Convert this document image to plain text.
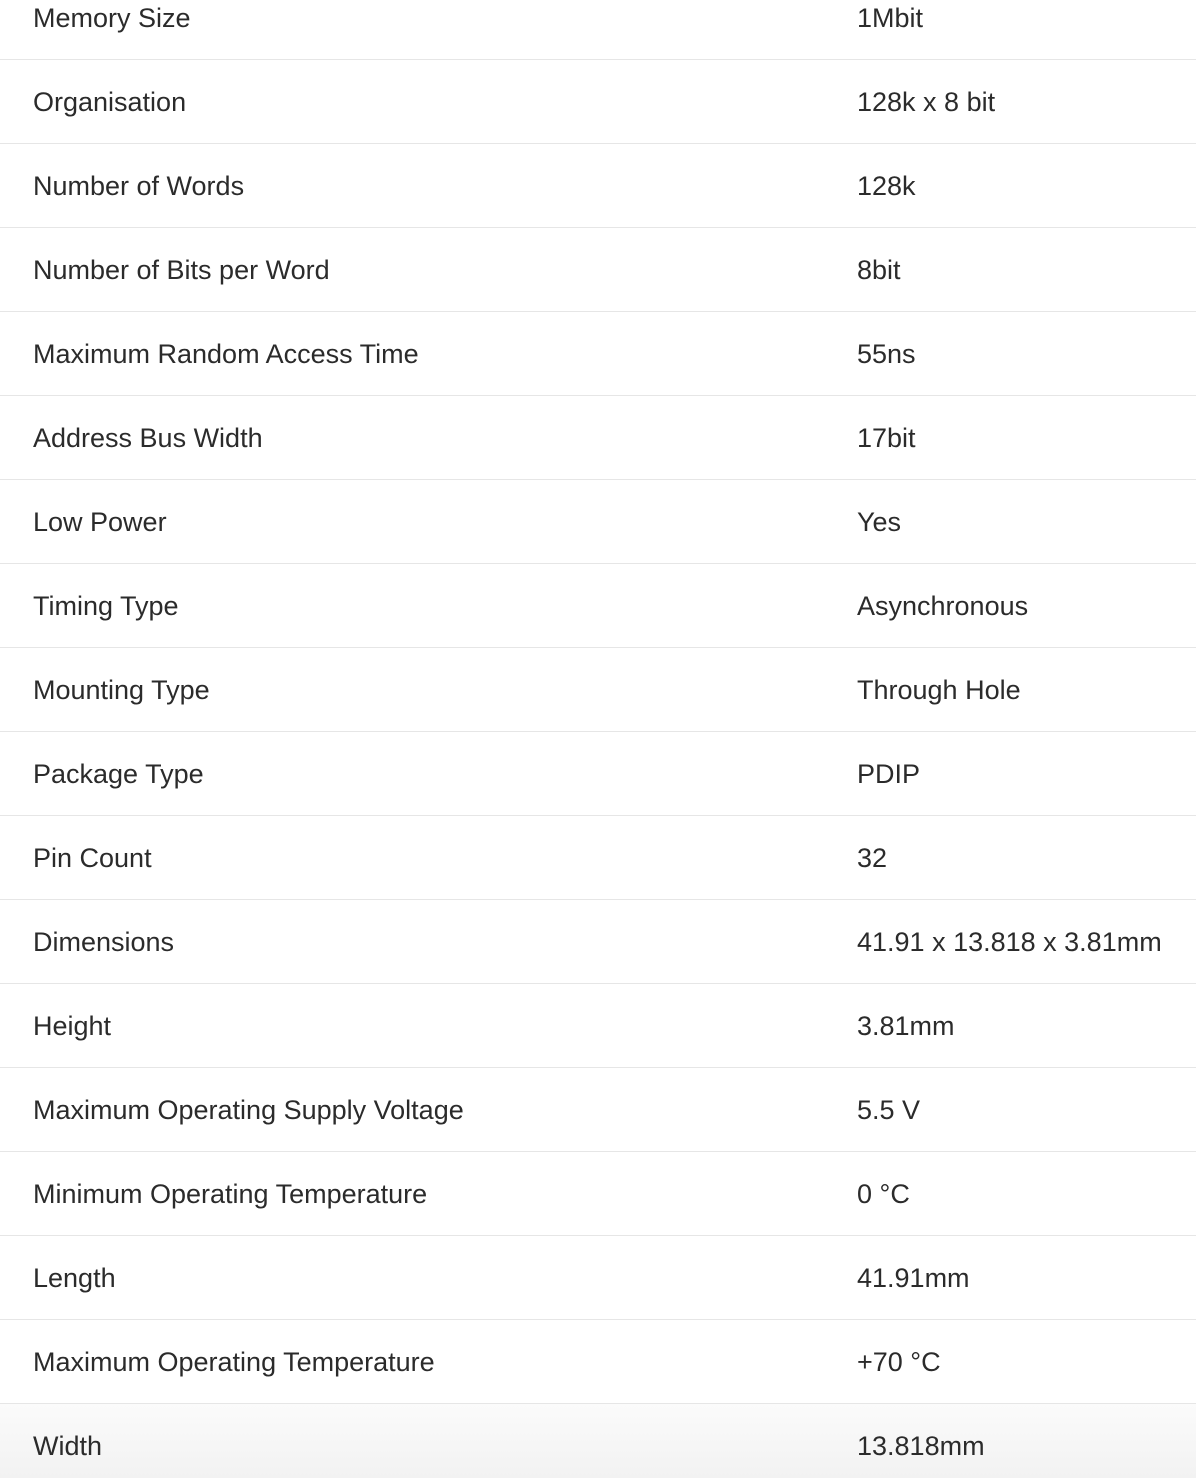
Memory Size	1Mbit
Organisation	128k x 8 bit
Number of Words	128k
Number of Bits per Word	8bit
Maximum Random Access Time	55ns
Address Bus Width	17bit
Low Power	Yes
Timing Type	Asynchronous
Mounting Type	Through Hole
Package Type	PDIP
Pin Count	32
Dimensions	41.91 x 13.818 x 3.81mm
Height	3.81mm
Maximum Operating Supply Voltage	5.5 V
Minimum Operating Temperature	0 °C
Length	41.91mm
Maximum Operating Temperature	+70 °C
Width	13.818mm
